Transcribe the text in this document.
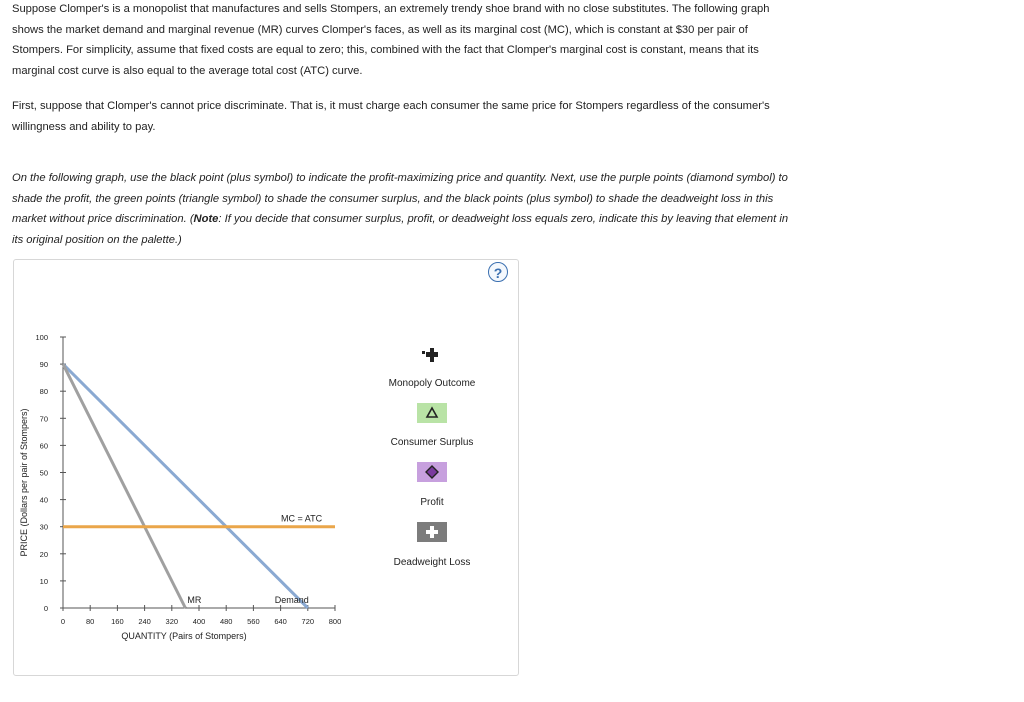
Suppose Clomper's is a monopolist that manufactures and sells Stompers, an extremely trendy shoe brand with no close substitutes. The following graph shows the market demand and marginal revenue (MR) curves Clomper's faces, as well as its marginal cost (MC), which is constant at $30 per pair of Stompers. For simplicity, assume that fixed costs are equal to zero; this, combined with the fact that Clomper's marginal cost is constant, means that its marginal cost curve is also equal to the average total cost (ATC) curve.

First, suppose that Clomper's cannot price discriminate. That is, it must charge each consumer the same price for Stompers regardless of the consumer's willingness and ability to pay.

On the following graph, use the black point (plus symbol) to indicate the profit-maximizing price and quantity. Next, use the purple points (diamond symbol) to shade the profit, the green points (triangle symbol) to shade the consumer surplus, and the black points (plus symbol) to shade the deadweight loss in this market without price discrimination. (Note: If you decide that consumer surplus, profit, or deadweight loss equals zero, indicate this by leaving that element in its original position on the palette.)

?
0	80 160 240 320 400 480 560 640 720 800
0
10
20
30
40
50
60
70
80
90
100
Demand
MR
MC = ATC
QUANTITY (Pairs of Stompers)
PRICE (Dollars per pair of Stompers)
Monopoly Outcome
Consumer Surplus
Profit
Deadweight Loss
